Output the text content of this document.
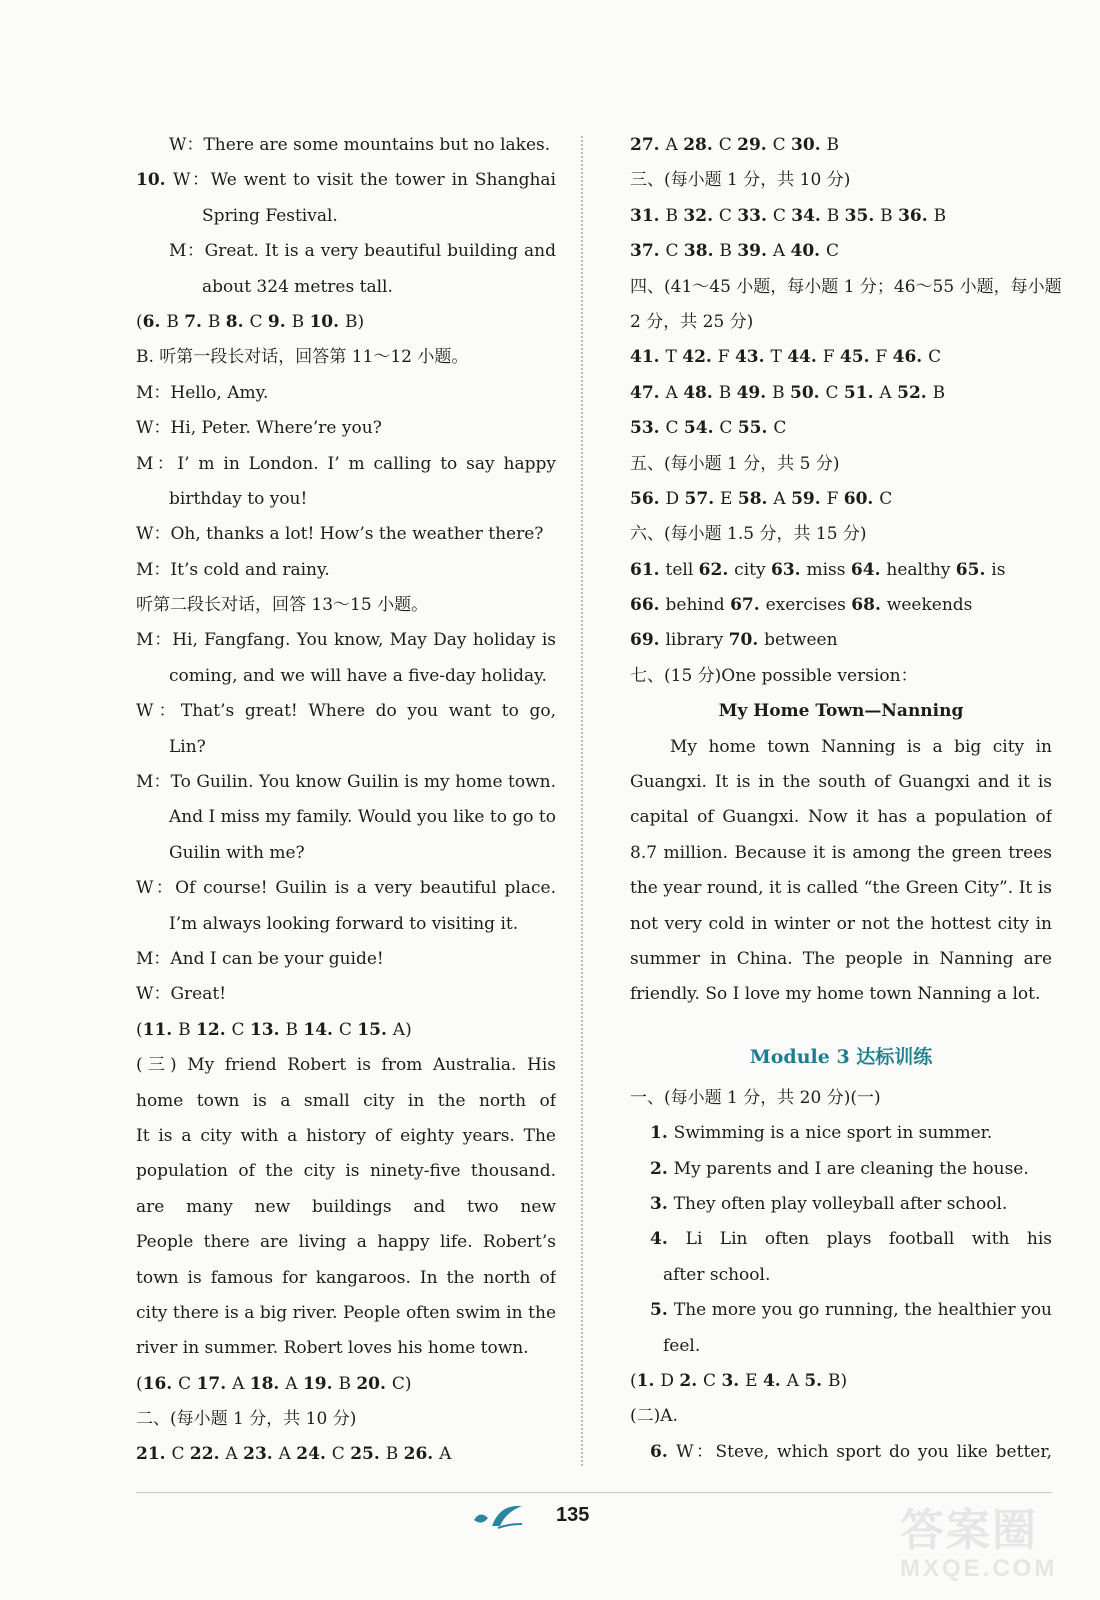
W：There are some mountains but no lakes.
10. W：We went to visit the tower in Shanghai
Spring Festival.
M：Great. It is a very beautiful building and
about 324 metres tall.
(6. B 7. B 8. C 9. B 10. B)
B. 听第一段长对话，回答第 11～12 小题。
M：Hello, Amy.
W：Hi, Peter. Where’re you?
M：I’ m in London. I’ m calling to say happy
birthday to you!
W：Oh, thanks a lot! How’s the weather there?
M：It’s cold and rainy.
听第二段长对话，回答 13～15 小题。
M：Hi, Fangfang. You know, May Day holiday is
coming, and we will have a five-day holiday.
W：That’s great! Where do you want to go,
Lin?
M：To Guilin. You know Guilin is my home town.
And I miss my family. Would you like to go to
Guilin with me?
W：Of course! Guilin is a very beautiful place.
I’m always looking forward to visiting it.
M：And I can be your guide!
W：Great!
(11. B 12. C 13. B 14. C 15. A)
(三) My friend Robert is from Australia. His
home town is a small city in the north of
It is a city with a history of eighty years. The
population of the city is ninety-five thousand.
are many new buildings and two new
People there are living a happy life. Robert’s
town is famous for kangaroos. In the north of
city there is a big river. People often swim in the
river in summer. Robert loves his home town.
(16. C 17. A 18. A 19. B 20. C)
二、(每小题 1 分，共 10 分)
21. C 22. A 23. A 24. C 25. B 26. A
27. A 28. C 29. C 30. B
三、(每小题 1 分，共 10 分)
31. B 32. C 33. C 34. B 35. B 36. B
37. C 38. B 39. A 40. C
四、(41～45 小题，每小题 1 分；46～55 小题，每小题
2 分，共 25 分)
41. T 42. F 43. T 44. F 45. F 46. C
47. A 48. B 49. B 50. C 51. A 52. B
53. C 54. C 55. C
五、(每小题 1 分，共 5 分)
56. D 57. E 58. A 59. F 60. C
六、(每小题 1.5 分，共 15 分)
61. tell 62. city 63. miss 64. healthy 65. is
66. behind 67. exercises 68. weekends
69. library 70. between
七、(15 分)One possible version：
My Home Town—Nanning
My home town Nanning is a big city in
Guangxi. It is in the south of Guangxi and it is
capital of Guangxi. Now it has a population of
8.7 million. Because it is among the green trees
the year round, it is called “the Green City”. It is
not very cold in winter or not the hottest city in
summer in China. The people in Nanning are
friendly. So I love my home town Nanning a lot.
Module 3 达标训练
一、(每小题 1 分，共 20 分)(一)
1. Swimming is a nice sport in summer.
2. My parents and I are cleaning the house.
3. They often play volleyball after school.
4. Li Lin often plays football with his
after school.
5. The more you go running, the healthier you
feel.
(1. D 2. C 3. E 4. A 5. B)
(二)A.
6. W：Steve, which sport do you like better,
135	答案圈
MXQE.COM
